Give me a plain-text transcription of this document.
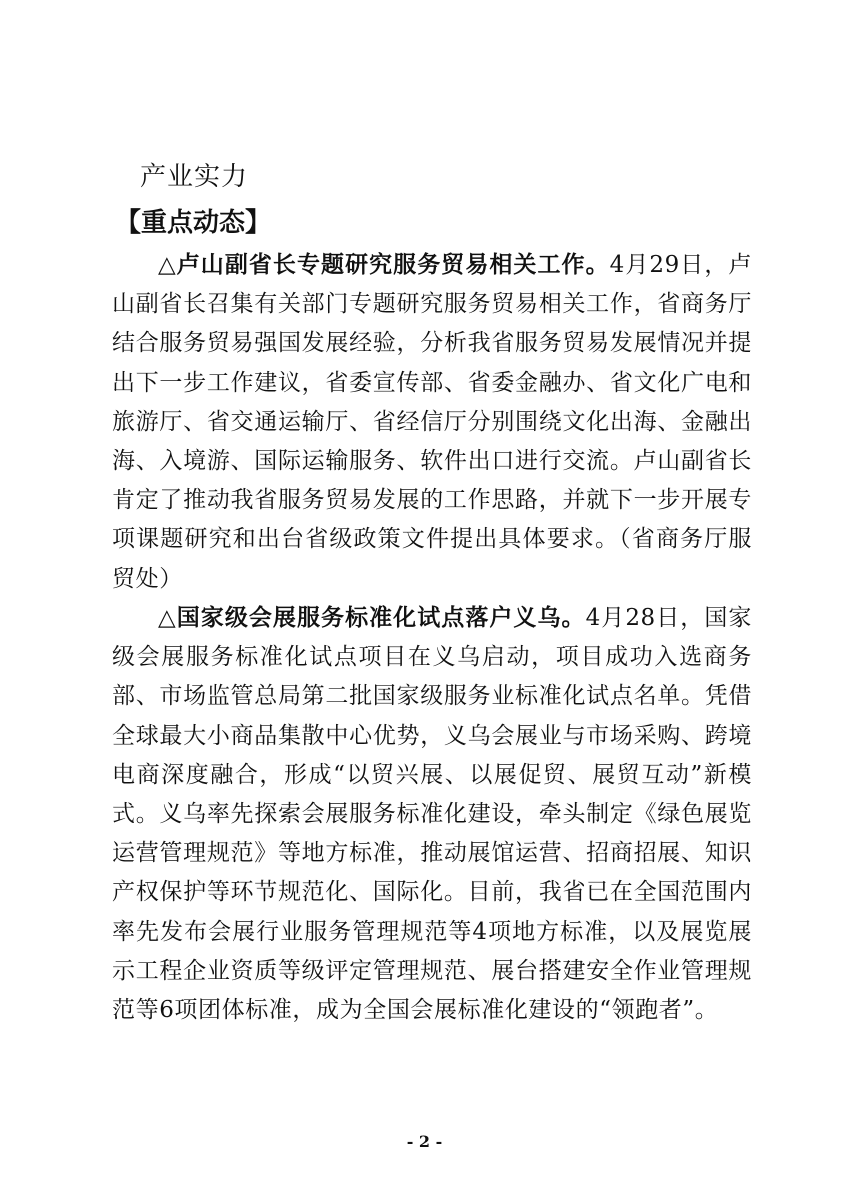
产业实力
【重点动态】

△卢山副省长专题研究服务贸易相关工作。4月29日，卢山副省长召集有关部门专题研究服务贸易相关工作，省商务厅结合服务贸易强国发展经验，分析我省服务贸易发展情况并提出下一步工作建议，省委宣传部、省委金融办、省文化广电和旅游厅、省交通运输厅、省经信厅分别围绕文化出海、金融出海、入境游、国际运输服务、软件出口进行交流。卢山副省长肯定了推动我省服务贸易发展的工作思路，并就下一步开展专项课题研究和出台省级政策文件提出具体要求。（省商务厅服贸处）

△国家级会展服务标准化试点落户义乌。4月28日，国家级会展服务标准化试点项目在义乌启动，项目成功入选商务部、市场监管总局第二批国家级服务业标准化试点名单。凭借全球最大小商品集散中心优势，义乌会展业与市场采购、跨境电商深度融合，形成“以贸兴展、以展促贸、展贸互动”新模式。义乌率先探索会展服务标准化建设，牵头制定《绿色展览运营管理规范》等地方标准，推动展馆运营、招商招展、知识产权保护等环节规范化、国际化。目前，我省已在全国范围内率先发布会展行业服务管理规范等4项地方标准，以及展览展示工程企业资质等级评定管理规范、展台搭建安全作业管理规范等6项团体标准，成为全国会展标准化建设的“领跑者”。

- 2 -
